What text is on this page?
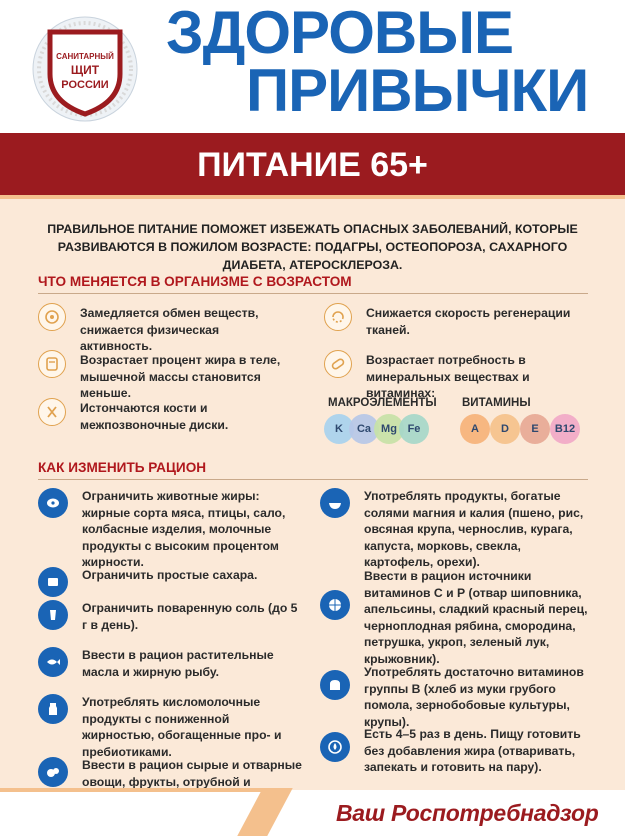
САНИТАРНЫЙ
ЩИТ
РОССИИ
ЗДОРОВЫЕ
ПРИВЫЧКИ
ПИТАНИЕ 65+
ПРАВИЛЬНОЕ ПИТАНИЕ ПОМОЖЕТ ИЗБЕЖАТЬ ОПАСНЫХ ЗАБОЛЕВАНИЙ, КОТОРЫЕ РАЗВИВАЮТСЯ В ПОЖИЛОМ ВОЗРАСТЕ: ПОДАГРЫ, ОСТЕОПОРОЗА, САХАРНОГО ДИАБЕТА, АТЕРОСКЛЕРОЗА.
ЧТО МЕНЯЕТСЯ В ОРГАНИЗМЕ С ВОЗРАСТОМ
Замедляется обмен веществ, снижается физическая активность.
Возрастает процент жира в теле, мышечной массы становится меньше.
Истончаются кости и межпозвоночные диски.
Снижается скорость регенерации тканей.
Возрастает потребность в минеральных веществах и витаминах:
МАКРОЭЛЕМЕНТЫ ВИТАМИНЫ
K	Ca Mg Fe	A	D	E	B12
КАК ИЗМЕНИТЬ РАЦИОН
Ограничить животные жиры: жирные сорта мяса, птицы, сало, колбасные изделия, молочные продукты с высоким процентом жирности.
Ограничить простые сахара.
Ограничить поваренную соль (до 5 г в день).
Ввести в рацион растительные масла и жирную рыбу.
Употреблять кисломолочные продукты с пониженной жирностью, обогащенные про- и пребиотиками.
Ввести в рацион сырые и отварные овощи, фрукты, отрубной и
Употреблять продукты, богатые солями магния и калия (пшено, рис, овсяная крупа, чернослив, курага, капуста, морковь, свекла, картофель, орехи).
Ввести в рацион источники витаминов С и Р (отвар шиповника, апельсины, сладкий красный перец, черноплодная рябина, смородина, петрушка, укроп, зеленый лук, крыжовник).
Употреблять достаточно витаминов группы В (хлеб из муки грубого помола, зернобобовые культуры, крупы).
Есть 4–5 раз в день. Пищу готовить без добавления жира (отваривать, запекать и готовить на пару).
Ваш Роспотребнадзор
